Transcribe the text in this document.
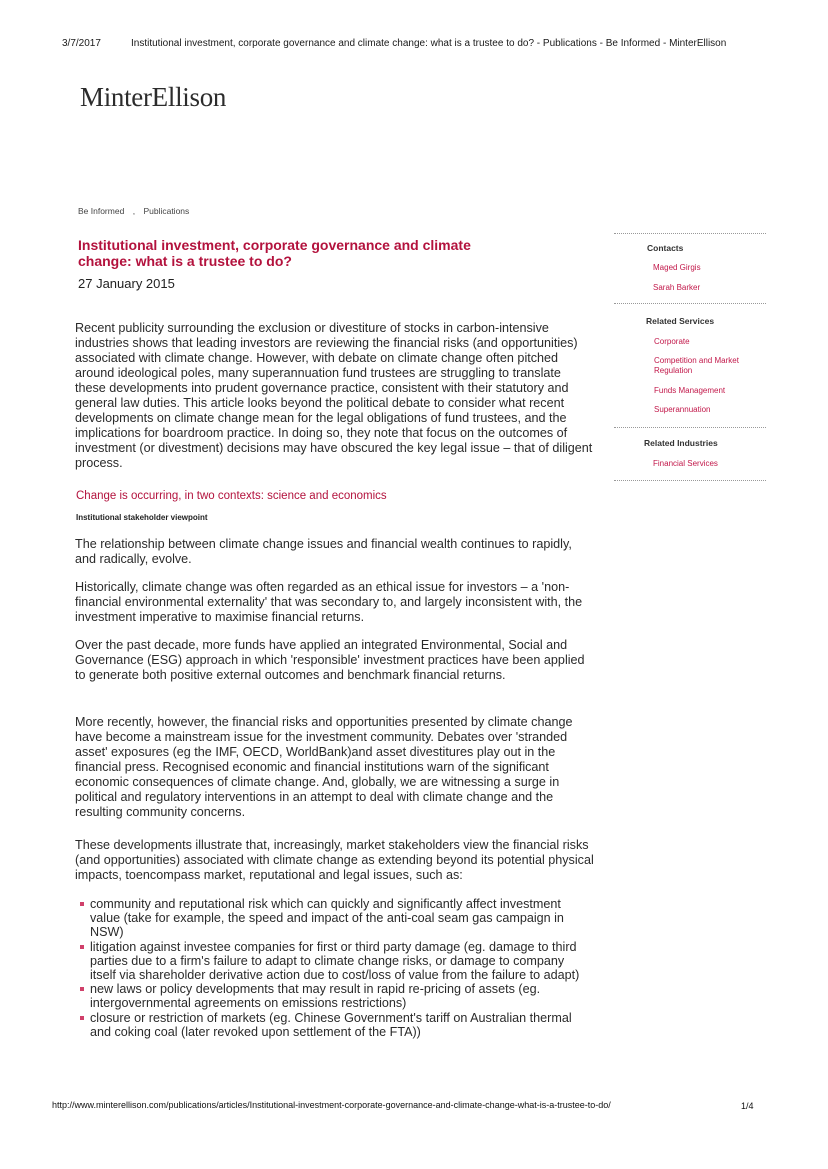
3/7/2017	Institutional investment, corporate governance and climate change: what is a trustee to do? - Publications - Be Informed - MinterEllison
MinterEllison
Be Informed , Publications
Institutional investment, corporate governance and climate change: what is a trustee to do?
27 January 2015

Recent publicity surrounding the exclusion or divestiture of stocks in carbon-intensive industries shows that leading investors are reviewing the financial risks (and opportunities) associated with climate change. However, with debate on climate change often pitched around ideological poles, many superannuation fund trustees are struggling to translate these developments into prudent governance practice, consistent with their statutory and general law duties. This article looks beyond the political debate to consider what recent developments on climate change mean for the legal obligations of fund trustees, and the implications for boardroom practice. In doing so, they note that focus on the outcomes of investment (or divestment) decisions may have obscured the key legal issue – that of diligent process.

Change is occurring, in two contexts: science and economics
Institutional stakeholder viewpoint
The relationship between climate change issues and financial wealth continues to rapidly, and radically, evolve.
Historically, climate change was often regarded as an ethical issue for investors – a 'non-financial environmental externality' that was secondary to, and largely inconsistent with, the investment imperative to maximise financial returns.
Over the past decade, more funds have applied an integrated Environmental, Social and Governance (ESG) approach in which 'responsible' investment practices have been applied to generate both positive external outcomes and benchmark financial returns.
More recently, however, the financial risks and opportunities presented by climate change have become a mainstream issue for the investment community. Debates over 'stranded asset' exposures (eg the IMF, OECD, WorldBank)and asset divestitures play out in the financial press. Recognised economic and financial institutions warn of the significant economic consequences of climate change. And, globally, we are witnessing a surge in political and regulatory interventions in an attempt to deal with climate change and the resulting community concerns.
These developments illustrate that, increasingly, market stakeholders view the financial risks (and opportunities) associated with climate change as extending beyond its potential physical impacts, toencompass market, reputational and legal issues, such as:
community and reputational risk which can quickly and significantly affect investment value (take for example, the speed and impact of the anti-coal seam gas campaign in NSW)
litigation against investee companies for first or third party damage (eg. damage to third parties due to a firm's failure to adapt to climate change risks, or damage to company itself via shareholder derivative action due to cost/loss of value from the failure to adapt)
new laws or policy developments that may result in rapid re-pricing of assets (eg. intergovernmental agreements on emissions restrictions)
closure or restriction of markets (eg. Chinese Government's tariff on Australian thermal and coking coal (later revoked upon settlement of the FTA))
Contacts
Maged Girgis
Sarah Barker
Related Services
Corporate
Competition and Market Regulation
Funds Management
Superannuation
Related Industries
Financial Services
http://www.minterellison.com/publications/articles/Institutional-investment-corporate-governance-and-climate-change-what-is-a-trustee-to-do/	1/4
